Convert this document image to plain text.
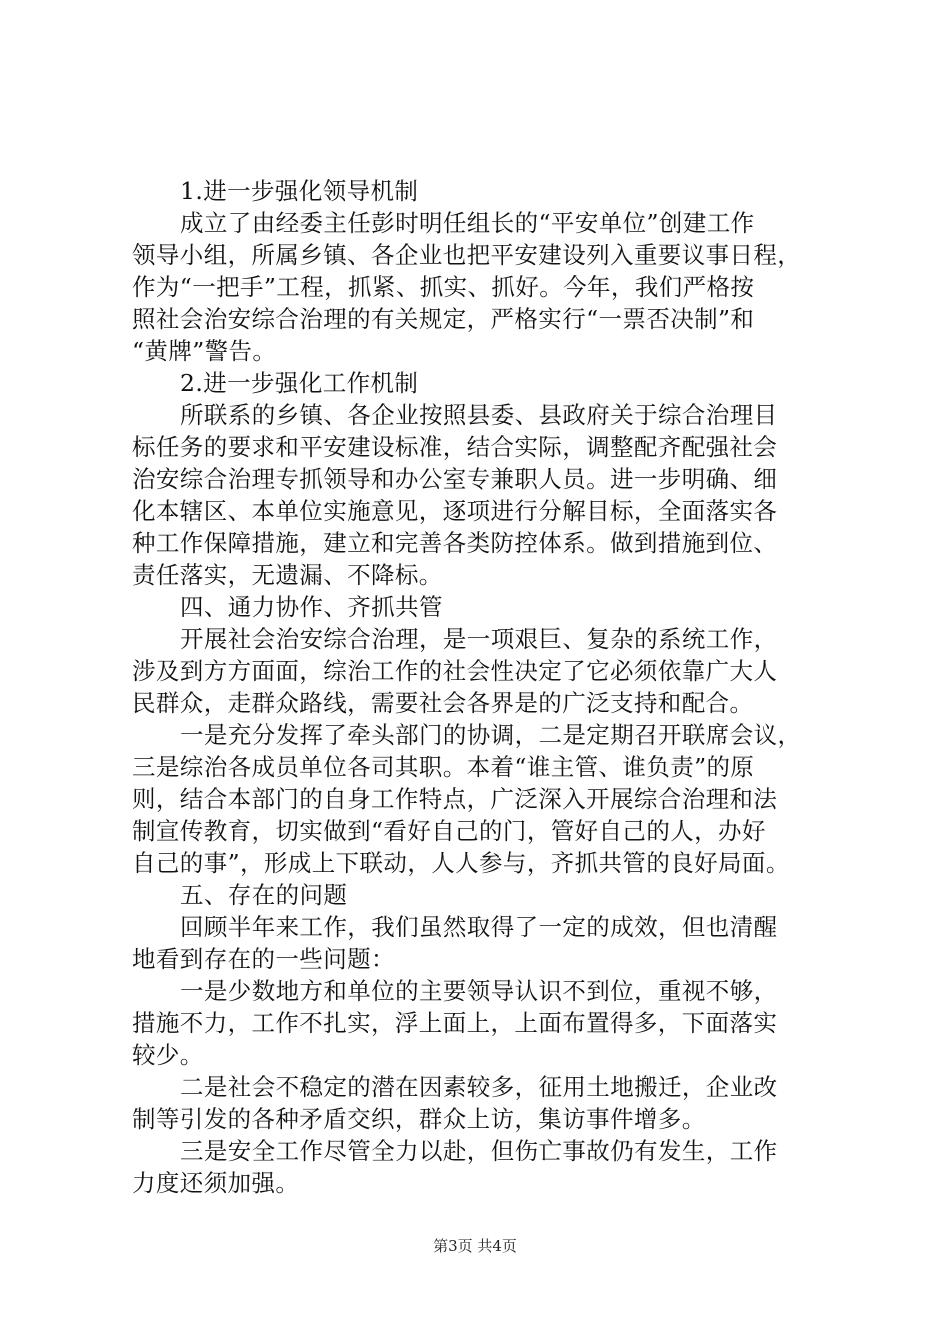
1.进一步强化领导机制
成立了由经委主任彭时明任组长的“平安单位”创建工作
领导小组，所属乡镇、各企业也把平安建设列入重要议事日程，
作为“一把手”工程，抓紧、抓实、抓好。今年，我们严格按
照社会治安综合治理的有关规定，严格实行“一票否决制”和
“黄牌”警告。
2.进一步强化工作机制
所联系的乡镇、各企业按照县委、县政府关于综合治理目
标任务的要求和平安建设标准，结合实际，调整配齐配强社会
治安综合治理专抓领导和办公室专兼职人员。进一步明确、细
化本辖区、本单位实施意见，逐项进行分解目标，全面落实各
种工作保障措施，建立和完善各类防控体系。做到措施到位、
责任落实，无遗漏、不降标。
四、通力协作、齐抓共管
开展社会治安综合治理，是一项艰巨、复杂的系统工作，
涉及到方方面面，综治工作的社会性决定了它必须依靠广大人
民群众，走群众路线，需要社会各界是的广泛支持和配合。
一是充分发挥了牵头部门的协调，二是定期召开联席会议，
三是综治各成员单位各司其职。本着“谁主管、谁负责”的原
则，结合本部门的自身工作特点，广泛深入开展综合治理和法
制宣传教育，切实做到“看好自己的门，管好自己的人，办好
自己的事”，形成上下联动，人人参与，齐抓共管的良好局面。
五、存在的问题
回顾半年来工作，我们虽然取得了一定的成效，但也清醒
地看到存在的一些问题：
一是少数地方和单位的主要领导认识不到位，重视不够，
措施不力，工作不扎实，浮上面上，上面布置得多，下面落实
较少。
二是社会不稳定的潜在因素较多，征用土地搬迁，企业改
制等引发的各种矛盾交织，群众上访，集访事件增多。
三是安全工作尽管全力以赴，但伤亡事故仍有发生，工作
力度还须加强。
第3页 共4页
